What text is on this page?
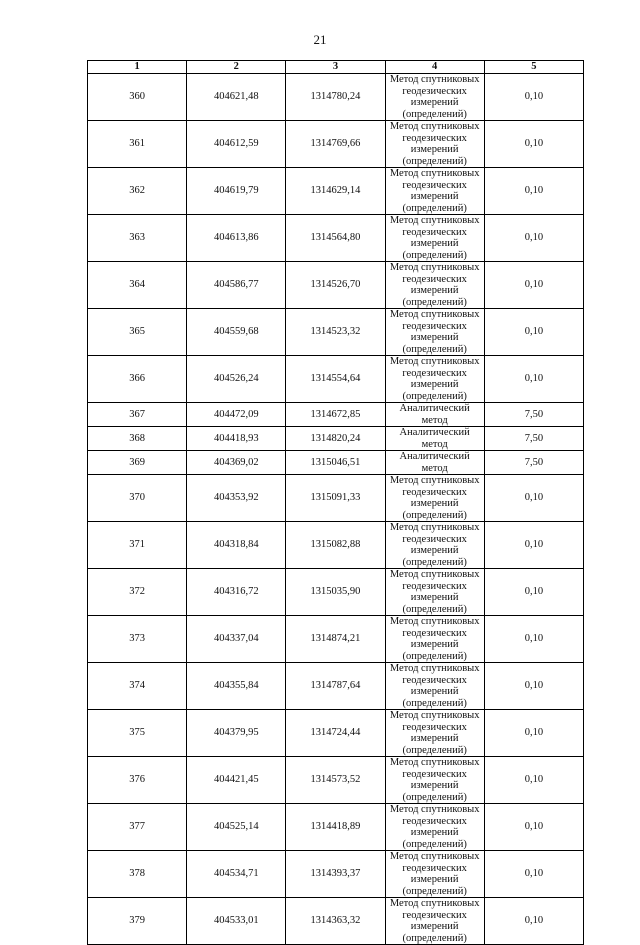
21
1	2	3	4	5
360	404621,48	1314780,24	Метод спутниковых
геодезических измерений
(определений)	0,10
361	404612,59	1314769,66	Метод спутниковых
геодезических измерений
(определений)	0,10
362	404619,79	1314629,14	Метод спутниковых
геодезических измерений
(определений)	0,10
363	404613,86	1314564,80	Метод спутниковых
геодезических измерений
(определений)	0,10
364	404586,77	1314526,70	Метод спутниковых
геодезических измерений
(определений)	0,10
365	404559,68	1314523,32	Метод спутниковых
геодезических измерений
(определений)	0,10
366	404526,24	1314554,64	Метод спутниковых
геодезических измерений
(определений)	0,10
367	404472,09	1314672,85	Аналитический метод	7,50
368	404418,93	1314820,24	Аналитический метод	7,50
369	404369,02	1315046,51	Аналитический метод	7,50
370	404353,92	1315091,33	Метод спутниковых
геодезических измерений
(определений)	0,10
371	404318,84	1315082,88	Метод спутниковых
геодезических измерений
(определений)	0,10
372	404316,72	1315035,90	Метод спутниковых
геодезических измерений
(определений)	0,10
373	404337,04	1314874,21	Метод спутниковых
геодезических измерений
(определений)	0,10
374	404355,84	1314787,64	Метод спутниковых
геодезических измерений
(определений)	0,10
375	404379,95	1314724,44	Метод спутниковых
геодезических измерений
(определений)	0,10
376	404421,45	1314573,52	Метод спутниковых
геодезических измерений
(определений)	0,10
377	404525,14	1314418,89	Метод спутниковых
геодезических измерений
(определений)	0,10
378	404534,71	1314393,37	Метод спутниковых
геодезических измерений
(определений)	0,10
379	404533,01	1314363,32	Метод спутниковых
геодезических измерений
(определений)	0,10
